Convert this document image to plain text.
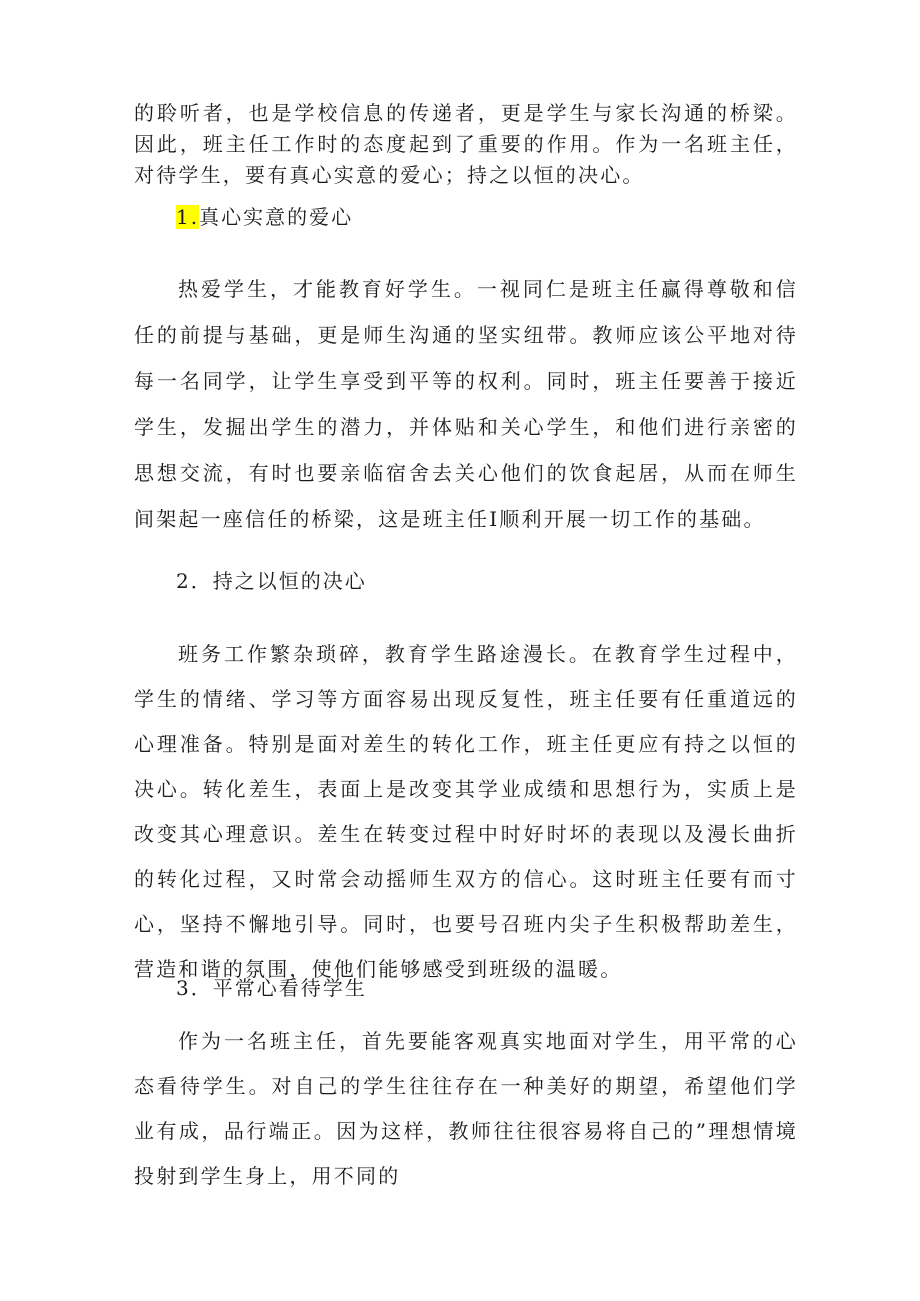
的聆听者，也是学校信息的传递者，更是学生与家长沟通的桥梁。因此，班主任工作时的态度起到了重要的作用。作为一名班主任，对待学生，要有真心实意的爱心；持之以恒的决心。

1.真心实意的爱心

热爱学生，才能教育好学生。一视同仁是班主任赢得尊敬和信任的前提与基础，更是师生沟通的坚实纽带。教师应该公平地对待每一名同学，让学生享受到平等的权利。同时，班主任要善于接近学生，发掘出学生的潜力，并体贴和关心学生，和他们进行亲密的思想交流，有时也要亲临宿舍去关心他们的饮食起居，从而在师生间架起一座信任的桥梁，这是班主任I顺利开展一切工作的基础。

2．持之以恒的决心

班务工作繁杂琐碎，教育学生路途漫长。在教育学生过程中，学生的情绪、学习等方面容易出现反复性，班主任要有任重道远的心理准备。特别是面对差生的转化工作，班主任更应有持之以恒的决心。转化差生，表面上是改变其学业成绩和思想行为，实质上是改变其心理意识。差生在转变过程中时好时坏的表现以及漫长曲折的转化过程，又时常会动摇师生双方的信心。这时班主任要有而寸心，坚持不懈地引导。同时，也要号召班内尖子生积极帮助差生，营造和谐的氛围，使他们能够感受到班级的温暖。

3．平常心看待学生

作为一名班主任，首先要能客观真实地面对学生，用平常的心态看待学生。对自己的学生往往存在一种美好的期望，希望他们学业有成，品行端正。因为这样，教师往往很容易将自己的”理想情境投射到学生身上，用不同的
